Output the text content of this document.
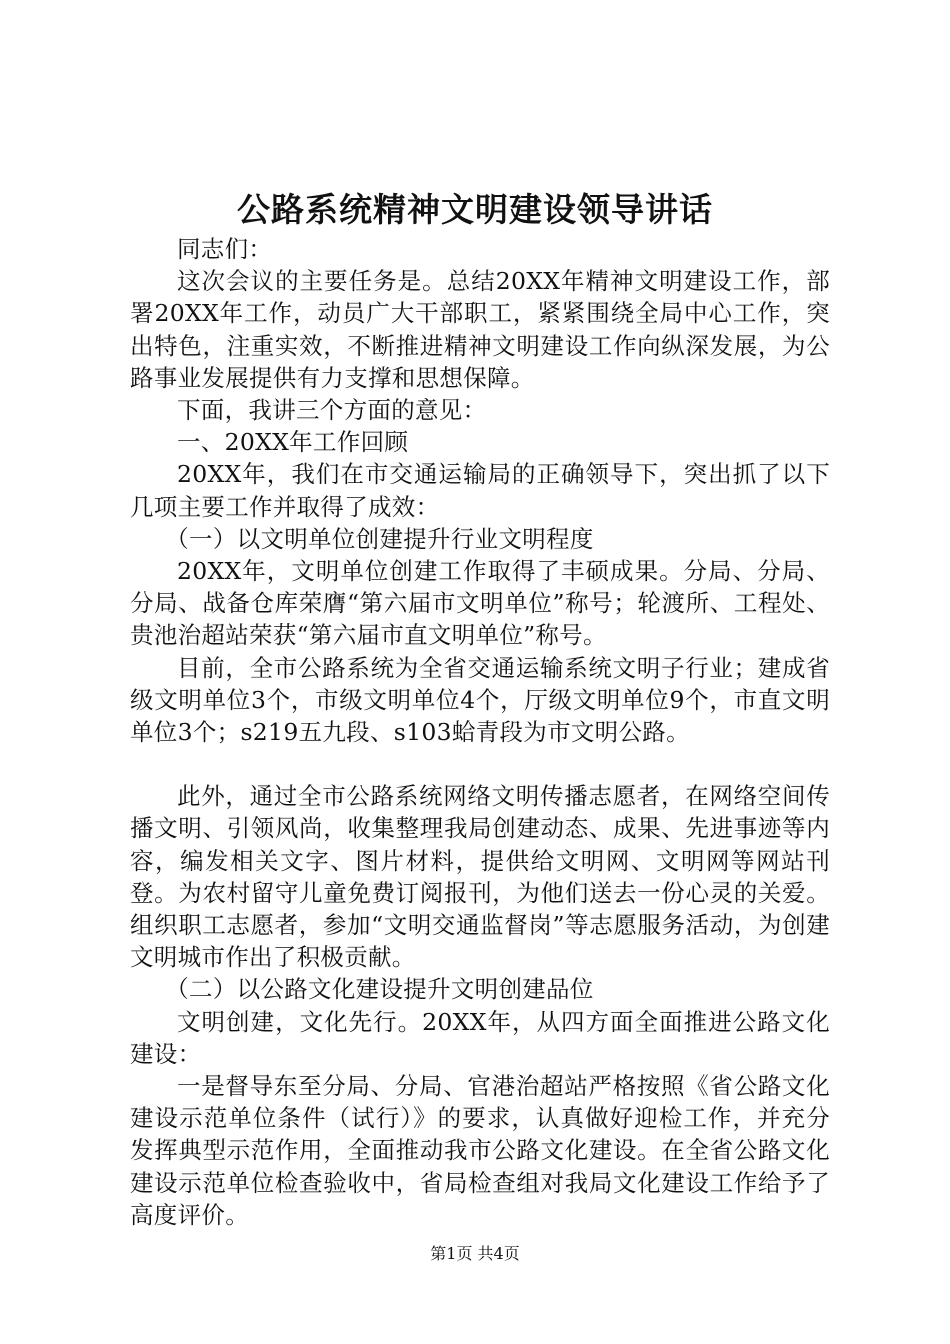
公路系统精神文明建设领导讲话

同志们：

这次会议的主要任务是。总结20XX年精神文明建设工作，部署20XX年工作，动员广大干部职工，紧紧围绕全局中心工作，突出特色，注重实效，不断推进精神文明建设工作向纵深发展，为公路事业发展提供有力支撑和思想保障。

下面，我讲三个方面的意见：

一、20XX年工作回顾

20XX年，我们在市交通运输局的正确领导下，突出抓了以下几项主要工作并取得了成效：

（一）以文明单位创建提升行业文明程度

20XX年，文明单位创建工作取得了丰硕成果。分局、分局、分局、战备仓库荣膺“第六届市文明单位”称号；轮渡所、工程处、贵池治超站荣获“第六届市直文明单位”称号。

目前，全市公路系统为全省交通运输系统文明子行业；建成省级文明单位3个，市级文明单位4个，厅级文明单位9个，市直文明单位3个；s219五九段、s103蛤青段为市文明公路。

此外，通过全市公路系统网络文明传播志愿者，在网络空间传播文明、引领风尚，收集整理我局创建动态、成果、先进事迹等内容，编发相关文字、图片材料，提供给文明网、文明网等网站刊登。为农村留守儿童免费订阅报刊，为他们送去一份心灵的关爱。组织职工志愿者，参加“文明交通监督岗”等志愿服务活动，为创建文明城市作出了积极贡献。

（二）以公路文化建设提升文明创建品位

文明创建，文化先行。20XX年，从四方面全面推进公路文化建设：

一是督导东至分局、分局、官港治超站严格按照《省公路文化建设示范单位条件（试行）》的要求，认真做好迎检工作，并充分发挥典型示范作用，全面推动我市公路文化建设。在全省公路文化建设示范单位检查验收中，省局检查组对我局文化建设工作给予了高度评价。

第1页 共4页
